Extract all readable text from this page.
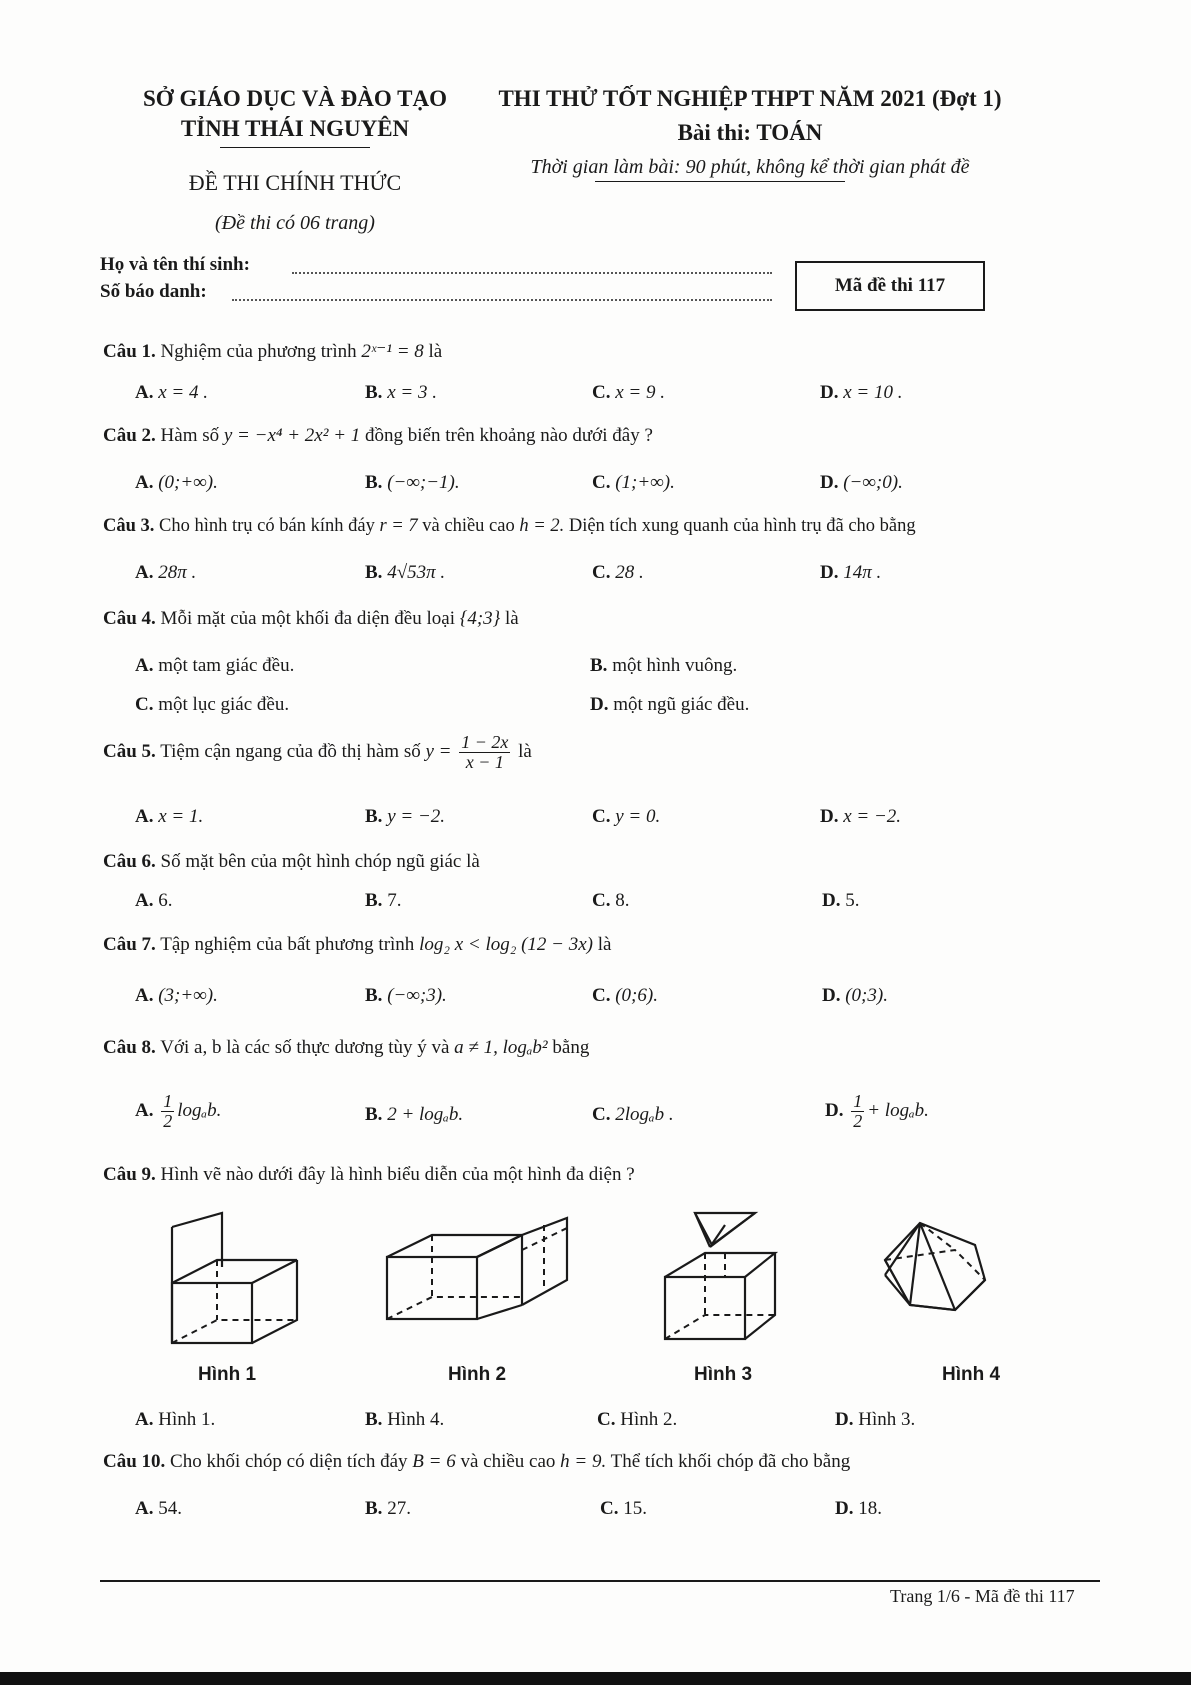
SỞ GIÁO DỤC VÀ ĐÀO TẠO
TỈNH THÁI NGUYÊN
ĐỀ THI CHÍNH THỨC
(Đề thi có 06 trang)
THI THỬ TỐT NGHIỆP THPT NĂM 2021 (Đợt 1)
Bài thi: TOÁN
Thời gian làm bài: 90 phút, không kể thời gian phát đề
Họ và tên thí sinh:
Số báo danh:	Mã đề thi 117
Câu 1. Nghiệm của phương trình 2ˣ⁻¹ = 8 là
A. x = 4 .	B. x = 3 .	C. x = 9 .	D. x = 10 .
Câu 2. Hàm số y = −x⁴ + 2x² + 1 đồng biến trên khoảng nào dưới đây ?
A. (0;+∞).	B. (−∞;−1).	C. (1;+∞).	D. (−∞;0).
Câu 3. Cho hình trụ có bán kính đáy r = 7 và chiều cao h = 2. Diện tích xung quanh của hình trụ đã cho bằng
A. 28π .	B. 4√53π .	C. 28 .	D. 14π .
Câu 4. Mỗi mặt của một khối đa diện đều loại {4;3} là
A. một tam giác đều.	B. một hình vuông.
C. một lục giác đều.	D. một ngũ giác đều.
Câu 5. Tiệm cận ngang của đồ thị hàm số $y = \frac{1 - 2x}{x - 1}$ là
A. x = 1.	B. y = −2.	C. y = 0.	D. x = −2.
Câu 6. Số mặt bên của một hình chóp ngũ giác là
A. 6.	B. 7.	C. 8.	D. 5.
Câu 7. Tập nghiệm của bất phương trình log₂ x < log₂ (12 − 3x) là
A. (3;+∞).	B. (−∞;3).	C. (0;6).	D. (0;3).
Câu 8. Với a, b là các số thực dương tùy ý và a ≠ 1, logₐb² bằng
A. $\frac{1}{2} \log_ab$.	B. 2 + logₐb.	C. 2logₐb .	D. $\frac{1}{2} + \log_ab$.
Câu 9. Hình vẽ nào dưới đây là hình biểu diễn của một hình đa diện ?
Hình 1	Hình 2	Hình 3	Hình 4
A. Hình 1.	B. Hình 4.	C. Hình 2.	D. Hình 3.
Câu 10. Cho khối chóp có diện tích đáy B = 6 và chiều cao h = 9. Thể tích khối chóp đã cho bằng
A. 54.	B. 27.	C. 15.	D. 18.
Trang 1/6 - Mã đề thi 117
